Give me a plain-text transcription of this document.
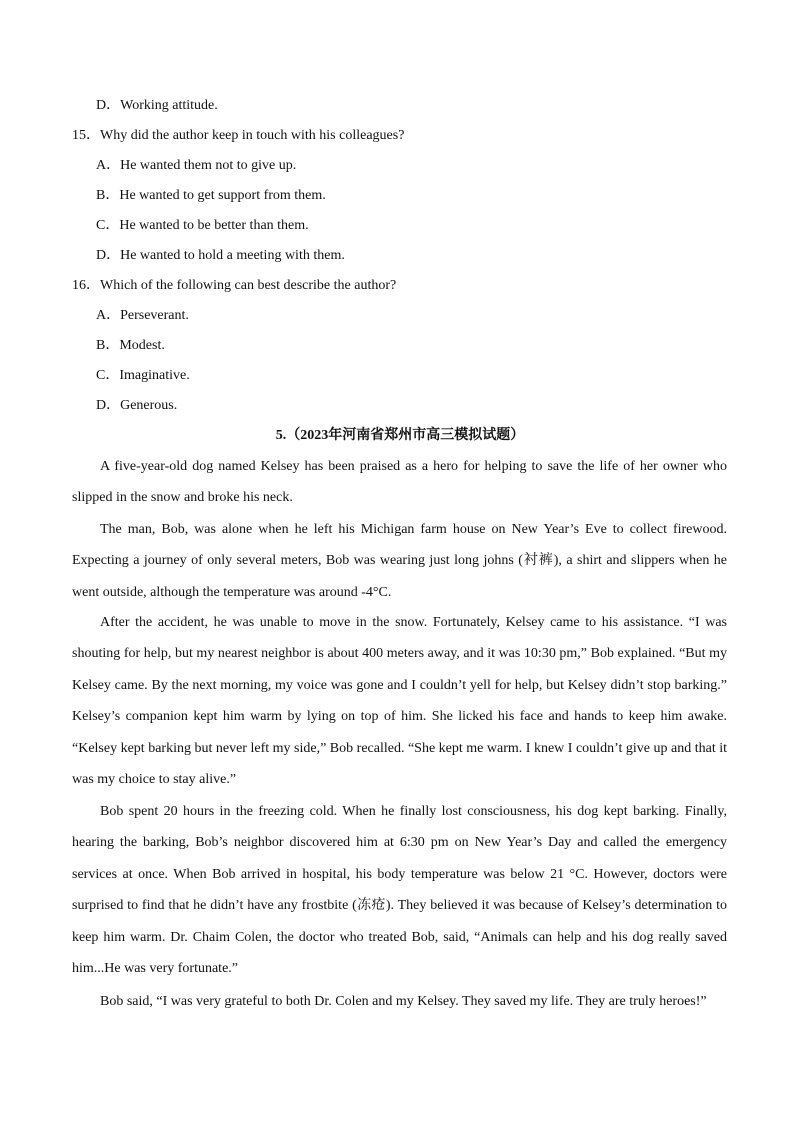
D．Working attitude.
15．Why did the author keep in touch with his colleagues?
A．He wanted them not to give up.
B．He wanted to get support from them.
C．He wanted to be better than them.
D．He wanted to hold a meeting with them.
16．Which of the following can best describe the author?
A．Perseverant.
B．Modest.
C．Imaginative.
D．Generous.
5.（2023年河南省郑州市高三模拟试题）

A five-year-old dog named Kelsey has been praised as a hero for helping to save the life of her owner who slipped in the snow and broke his neck.

The man, Bob, was alone when he left his Michigan farm house on New Year’s Eve to collect firewood. Expecting a journey of only several meters, Bob was wearing just long johns (衬裤), a shirt and slippers when he went outside, although the temperature was around -4°C.

After the accident, he was unable to move in the snow. Fortunately, Kelsey came to his assistance. “I was shouting for help, but my nearest neighbor is about 400 meters away, and it was 10:30 pm,” Bob explained. “But my Kelsey came. By the next morning, my voice was gone and I couldn’t yell for help, but Kelsey didn’t stop barking.” Kelsey’s companion kept him warm by lying on top of him. She licked his face and hands to keep him awake. “Kelsey kept barking but never left my side,” Bob recalled. “She kept me warm. I knew I couldn’t give up and that it was my choice to stay alive.”

Bob spent 20 hours in the freezing cold. When he finally lost consciousness, his dog kept barking. Finally, hearing the barking, Bob’s neighbor discovered him at 6:30 pm on New Year’s Day and called the emergency services at once. When Bob arrived in hospital, his body temperature was below 21 °C. However, doctors were surprised to find that he didn’t have any frostbite (冻疮). They believed it was because of Kelsey’s determination to keep him warm. Dr. Chaim Colen, the doctor who treated Bob, said, “Animals can help and his dog really saved him...He was very fortunate.”

Bob said, “I was very grateful to both Dr. Colen and my Kelsey. They saved my life. They are truly heroes!”
